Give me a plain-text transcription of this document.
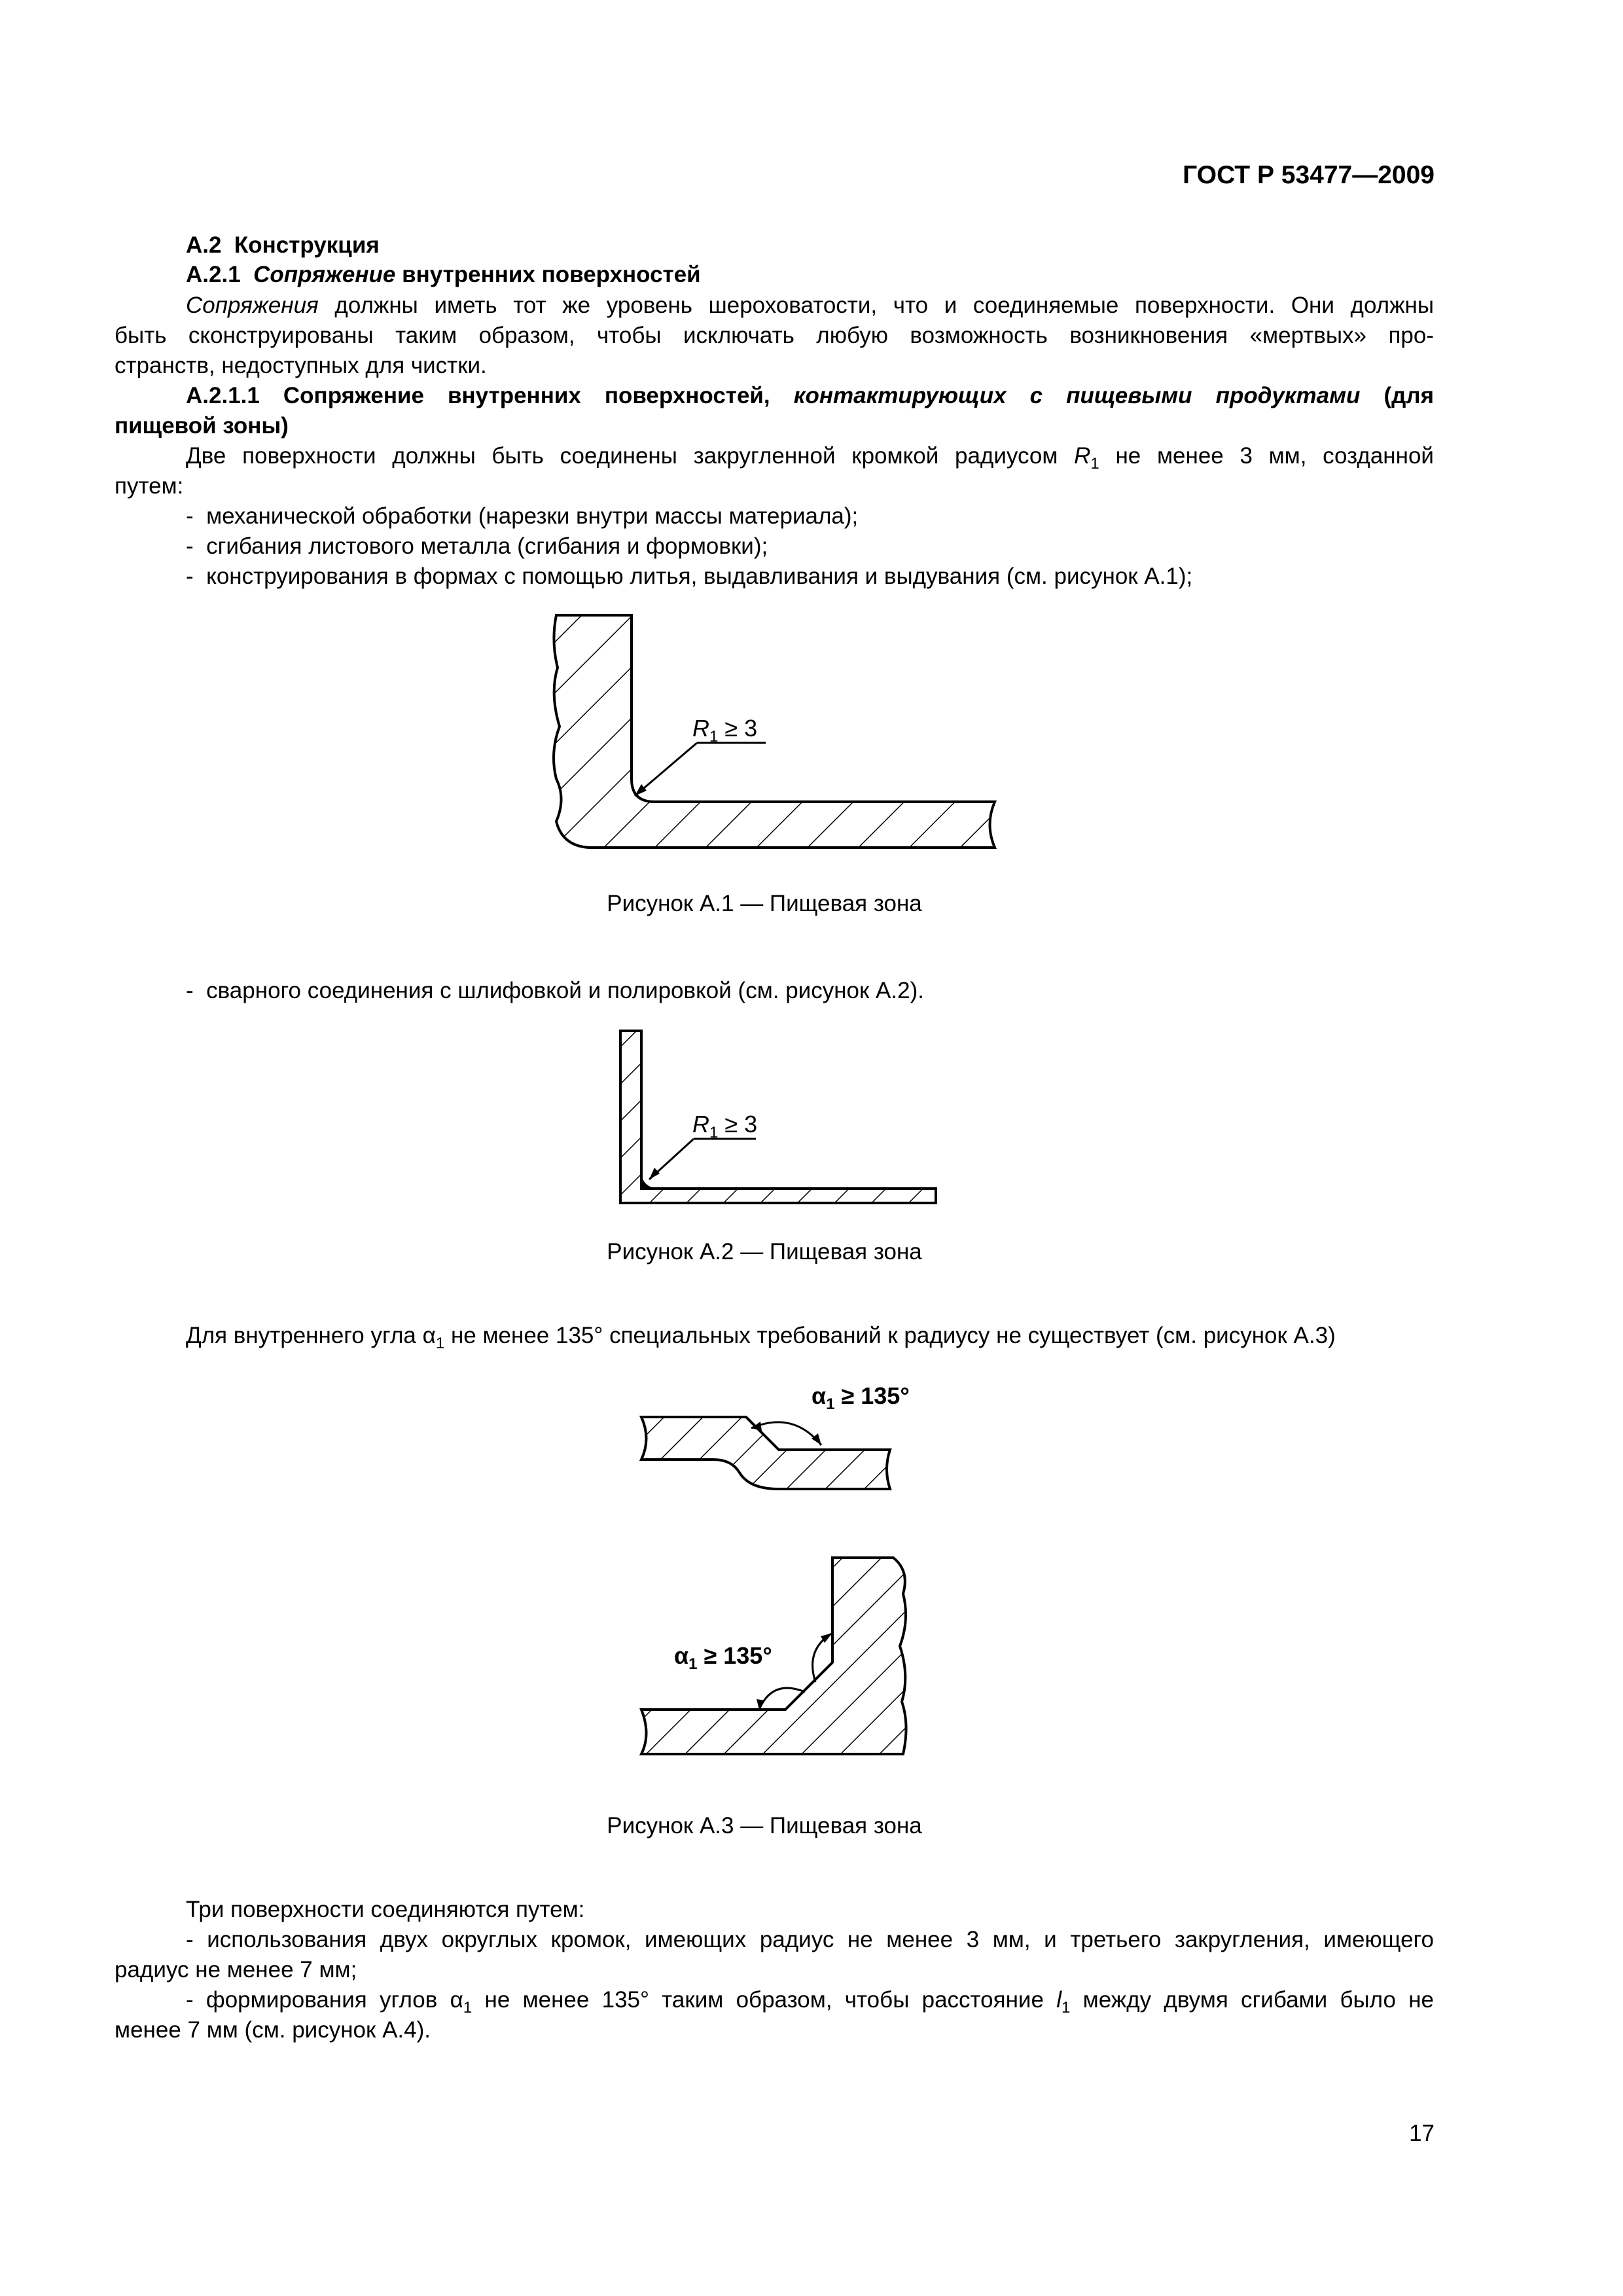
ГОСТ Р 53477—2009
А.2 Конструкция
А.2.1 Сопряжение внутренних поверхностей
Сопряжения должны иметь тот же уровень шероховатости, что и соединяемые поверхности. Они должны
быть сконструированы таким образом, чтобы исключать любую возможность возникновения «мертвых» про-
странств, недоступных для чистки.
А.2.1.1 Сопряжение внутренних поверхностей, контактирующих с пищевыми продуктами (для
пищевой зоны)
Две поверхности должны быть соединены закругленной кромкой радиусом $R_1$ не менее 3 мм, созданной
путем:
-  механической обработки (нарезки внутри массы материала);
-  сгибания листового металла (сгибания и формовки);
-  конструирования в формах с помощью литья, выдавливания и выдувания (см. рисунок А.1);
$R_1 \ge 3$
Рисунок А.1 — Пищевая зона
-  сварного соединения с шлифовкой и полировкой (см. рисунок А.2).
$R_1 \ge 3$
Рисунок А.2 — Пищевая зона
Для внутреннего угла $\alpha_1$ не менее 135° специальных требований к радиусу не существует (см. рисунок А.3)
$\alpha_1 \ge 135^\circ$
$\alpha_1 \ge 135^\circ$
Рисунок А.3 — Пищевая зона
Три поверхности соединяются путем:
- использования двух округлых кромок, имеющих радиус не менее 3 мм, и третьего закругления, имеющего
радиус не менее 7 мм;
- формирования углов $\alpha_1$ не менее 135° таким образом, чтобы расстояние $l_1$ между двумя сгибами было не
менее 7 мм (см. рисунок А.4).
17
